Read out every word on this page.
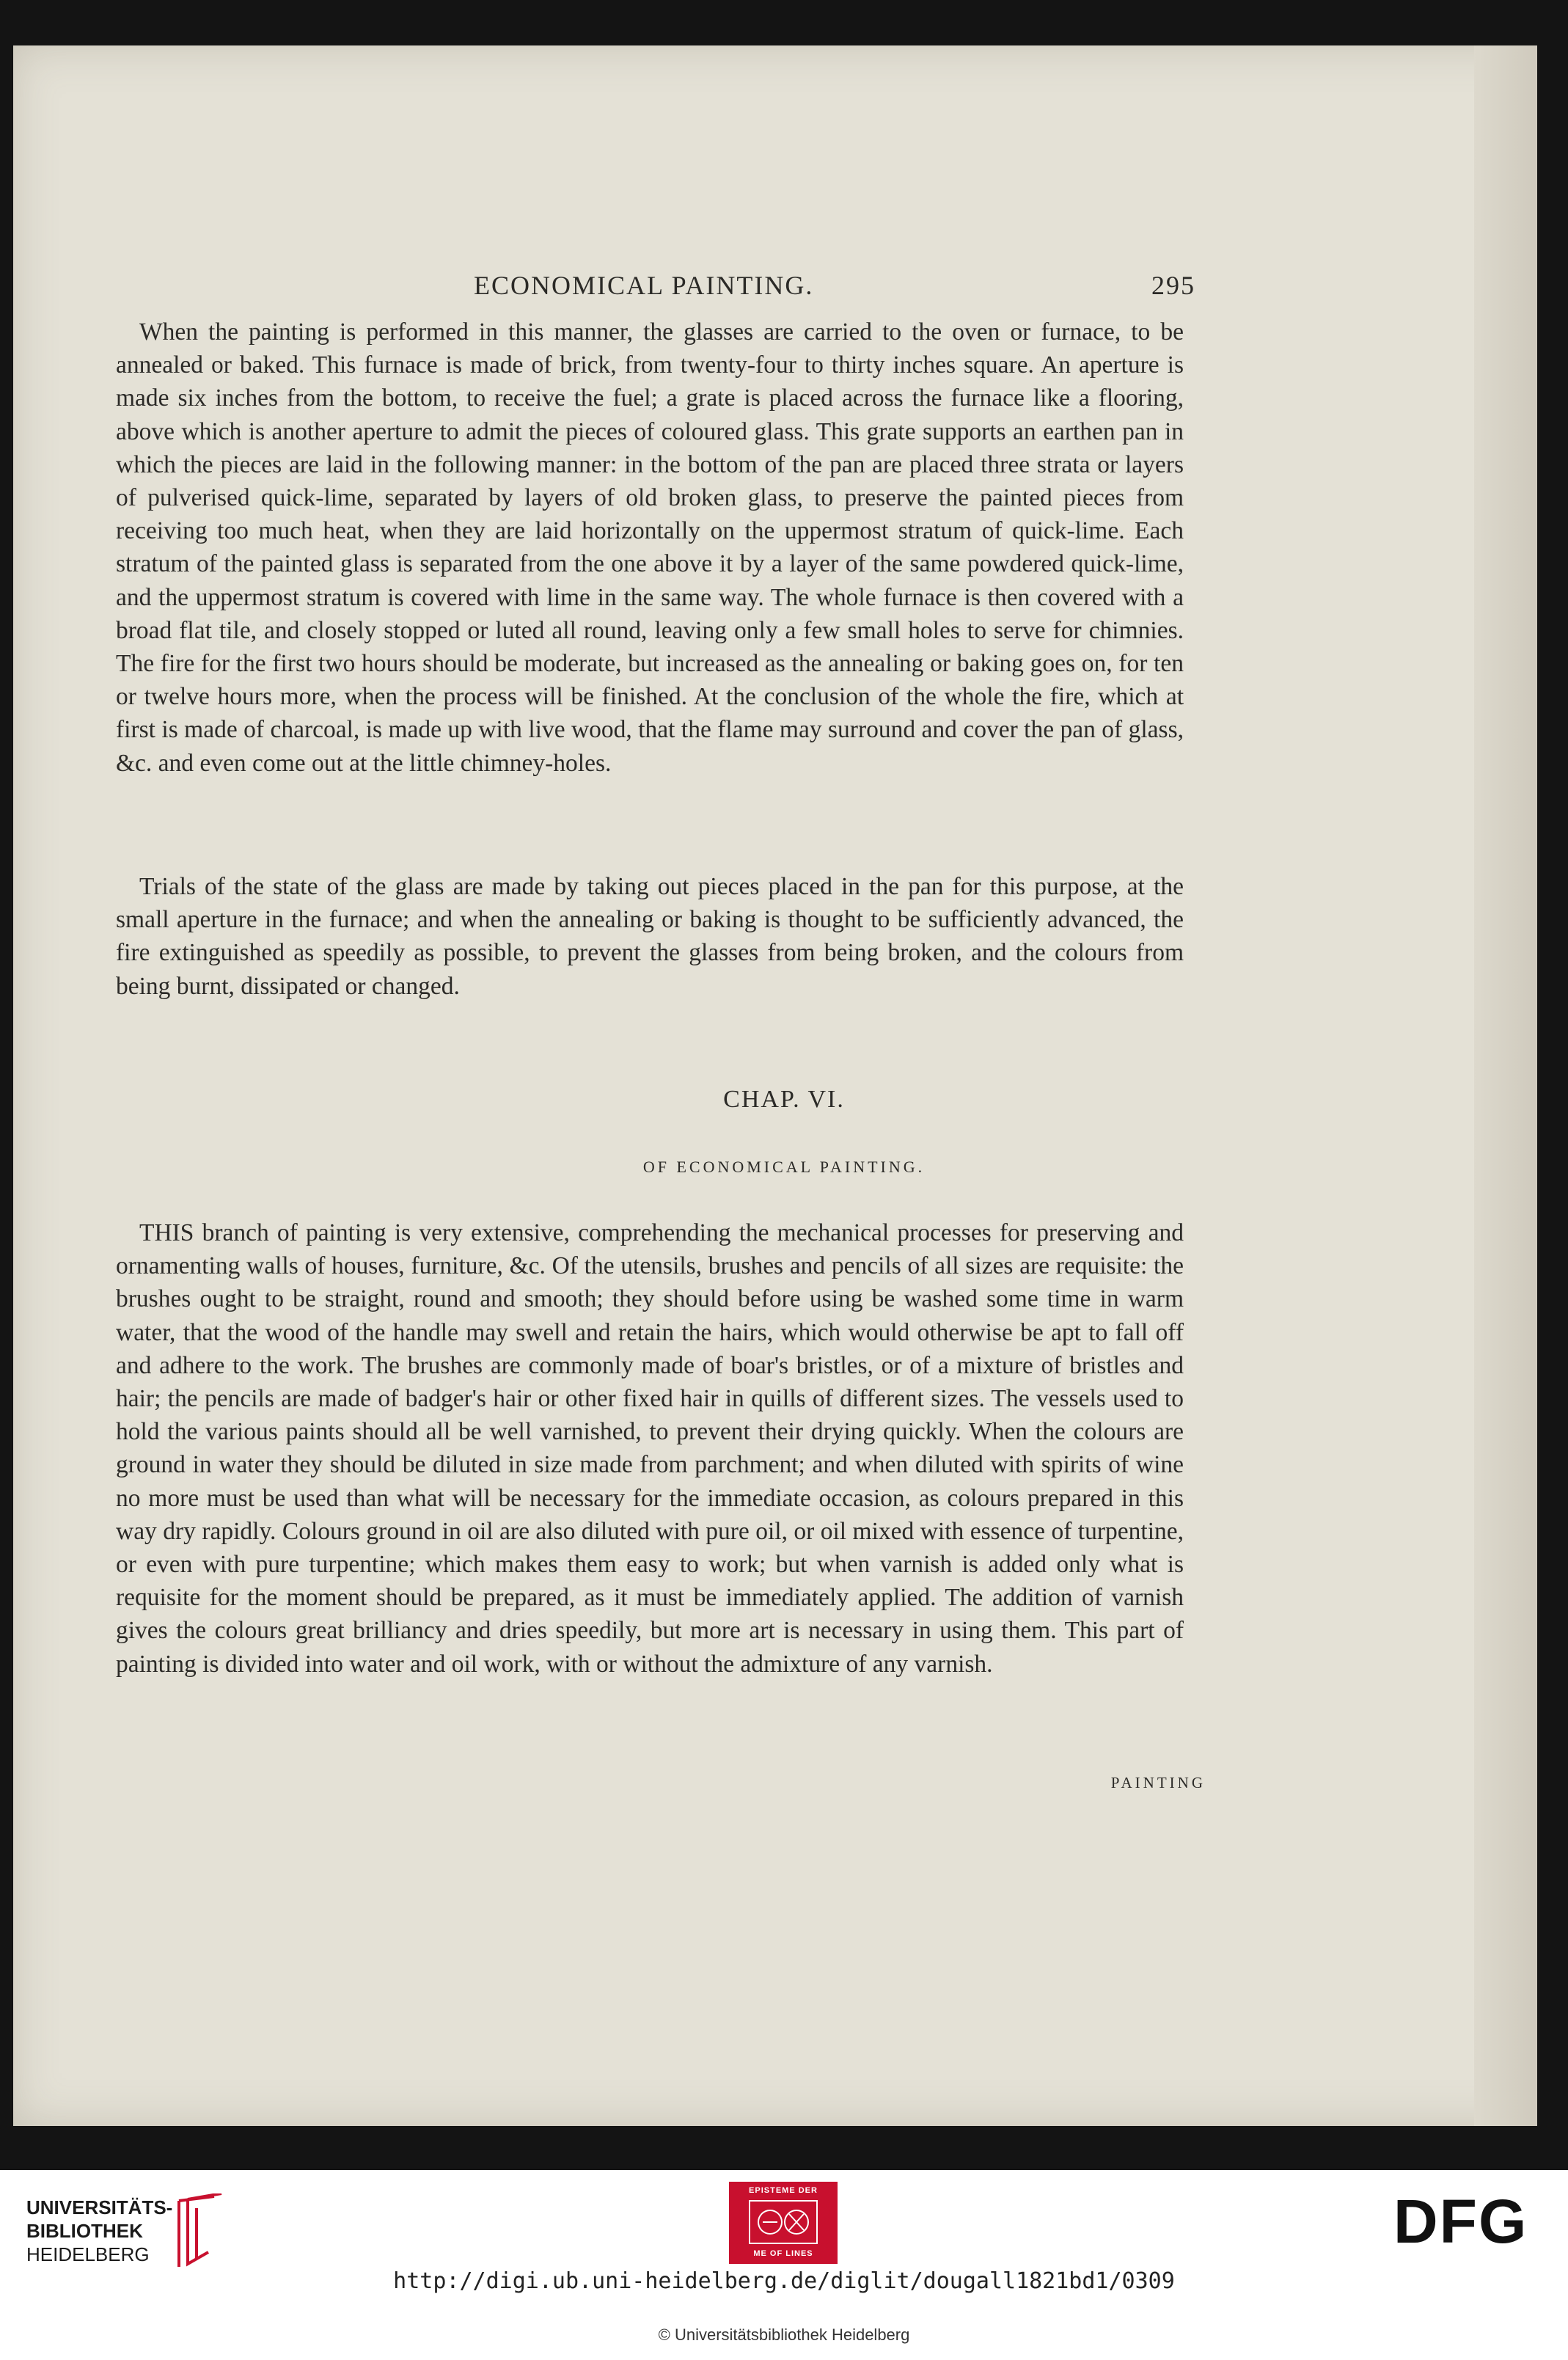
ECONOMICAL PAINTING.	295

When the painting is performed in this manner, the glasses are carried to the oven or furnace, to be annealed or baked. This furnace is made of brick, from twenty-four to thirty inches square. An aperture is made six inches from the bottom, to receive the fuel; a grate is placed across the furnace like a flooring, above which is another aperture to admit the pieces of coloured glass. This grate supports an earthen pan in which the pieces are laid in the following manner: in the bottom of the pan are placed three strata or layers of pulverised quick-lime, separated by layers of old broken glass, to preserve the painted pieces from receiving too much heat, when they are laid horizontally on the uppermost stratum of quick-lime. Each stratum of the painted glass is separated from the one above it by a layer of the same powdered quick-lime, and the uppermost stratum is covered with lime in the same way. The whole furnace is then covered with a broad flat tile, and closely stopped or luted all round, leaving only a few small holes to serve for chimnies. The fire for the first two hours should be moderate, but increased as the annealing or baking goes on, for ten or twelve hours more, when the process will be finished. At the conclusion of the whole the fire, which at first is made of charcoal, is made up with live wood, that the flame may surround and cover the pan of glass, &c. and even come out at the little chimney-holes.

Trials of the state of the glass are made by taking out pieces placed in the pan for this purpose, at the small aperture in the furnace; and when the annealing or baking is thought to be sufficiently advanced, the fire extinguished as speedily as possible, to prevent the glasses from being broken, and the colours from being burnt, dissipated or changed.

CHAP. VI.
OF ECONOMICAL PAINTING.

THIS branch of painting is very extensive, comprehending the mechanical processes for preserving and ornamenting walls of houses, furniture, &c. Of the utensils, brushes and pencils of all sizes are requisite: the brushes ought to be straight, round and smooth; they should before using be washed some time in warm water, that the wood of the handle may swell and retain the hairs, which would otherwise be apt to fall off and adhere to the work. The brushes are commonly made of boar's bristles, or of a mixture of bristles and hair; the pencils are made of badger's hair or other fixed hair in quills of different sizes. The vessels used to hold the various paints should all be well varnished, to prevent their drying quickly. When the colours are ground in water they should be diluted in size made from parchment; and when diluted with spirits of wine no more must be used than what will be necessary for the immediate occasion, as colours prepared in this way dry rapidly. Colours ground in oil are also diluted with pure oil, or oil mixed with essence of turpentine, or even with pure turpentine; which makes them easy to work; but when varnish is added only what is requisite for the moment should be prepared, as it must be immediately applied. The addition of varnish gives the colours great brilliancy and dries speedily, but more art is necessary in using them. This part of painting is divided into water and oil work, with or without the admixture of any varnish.

PAINTING
UNIVERSITÄTS-
BIBLIOTHEK
HEIDELBERG
EPISTEME DER
ME OF LINES	DFG
http://digi.ub.uni-heidelberg.de/diglit/dougall1821bd1/0309
© Universitätsbibliothek Heidelberg
